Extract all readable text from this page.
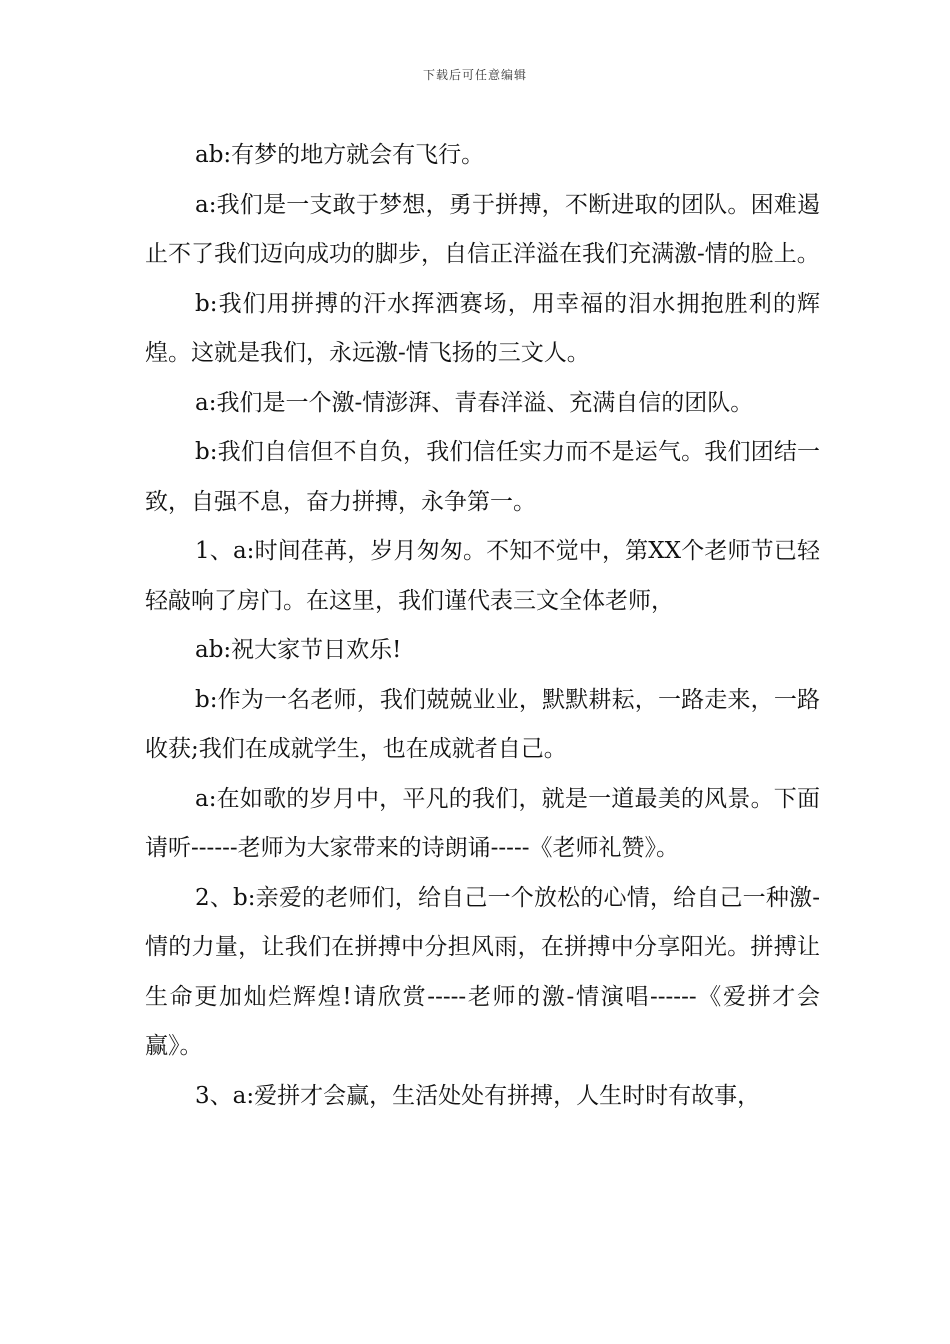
下载后可任意编辑

ab:有梦的地方就会有飞行。

a:我们是一支敢于梦想，勇于拼搏，不断进取的团队。困难遏止不了我们迈向成功的脚步，自信正洋溢在我们充满激-情的脸上。

b:我们用拼搏的汗水挥洒赛场，用幸福的泪水拥抱胜利的辉煌。这就是我们，永远激-情飞扬的三文人。

a:我们是一个激-情澎湃、青春洋溢、充满自信的团队。

b:我们自信但不自负，我们信任实力而不是运气。我们团结一致，自强不息，奋力拼搏，永争第一。

1、a:时间荏苒，岁月匆匆。不知不觉中，第XX个老师节已轻轻敲响了房门。在这里，我们谨代表三文全体老师，

ab:祝大家节日欢乐!

b:作为一名老师，我们兢兢业业，默默耕耘，一路走来，一路收获;我们在成就学生，也在成就者自己。

a:在如歌的岁月中，平凡的我们，就是一道最美的风景。下面请听------老师为大家带来的诗朗诵-----《老师礼赞》。

2、b:亲爱的老师们，给自己一个放松的心情，给自己一种激-情的力量，让我们在拼搏中分担风雨，在拼搏中分享阳光。拼搏让生命更加灿烂辉煌!请欣赏-----老师的激-情演唱------《爱拼才会赢》。

3、a:爱拼才会赢，生活处处有拼搏，人生时时有故事，
